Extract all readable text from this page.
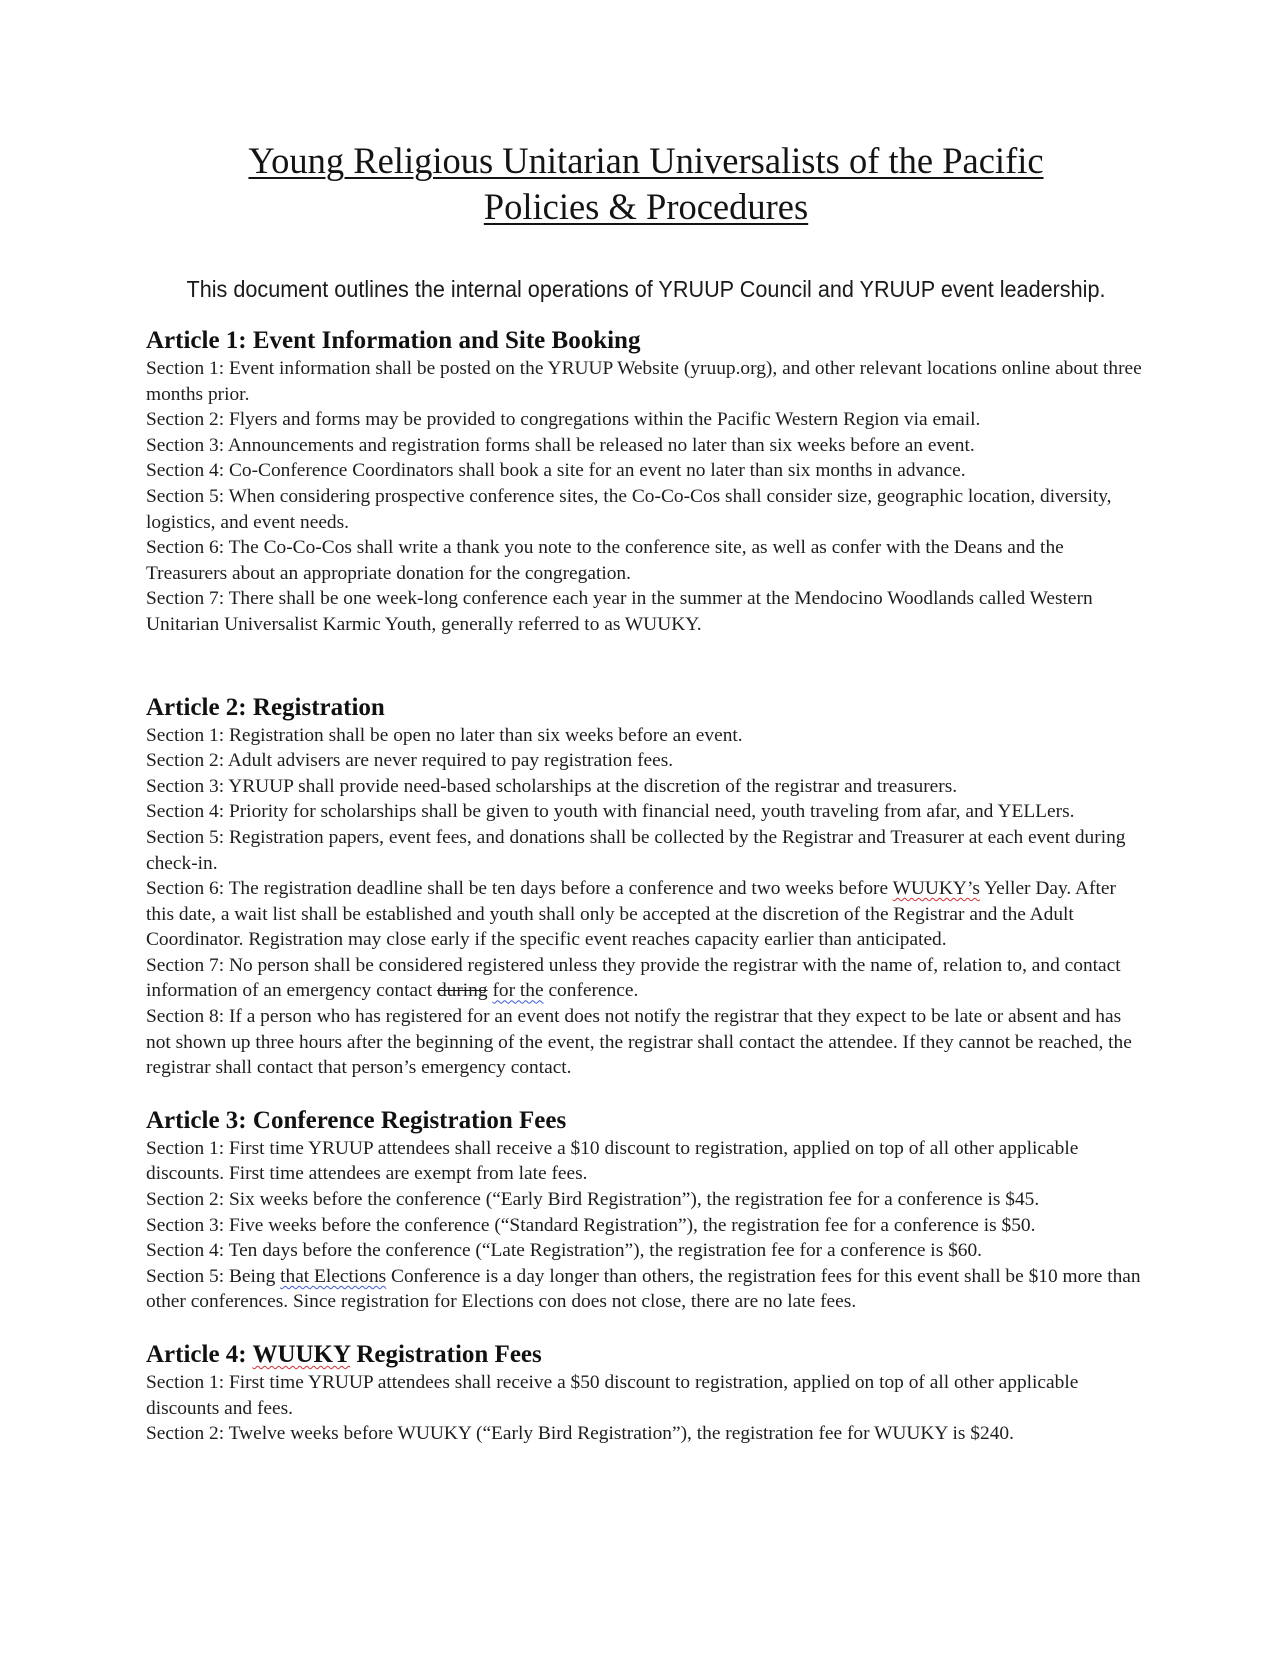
Young Religious Unitarian Universalists of the Pacific
Policies & Procedures
This document outlines the internal operations of YRUUP Council and YRUUP event leadership.
Article 1: Event Information and Site Booking

Section 1: Event information shall be posted on the YRUUP Website (yruup.org), and other relevant locations online about three months prior.

Section 2: Flyers and forms may be provided to congregations within the Pacific Western Region via email.

Section 3: Announcements and registration forms shall be released no later than six weeks before an event.

Section 4: Co-Conference Coordinators shall book a site for an event no later than six months in advance.

Section 5: When considering prospective conference sites, the Co-Co-Cos shall consider size, geographic location, diversity, logistics, and event needs.

Section 6: The Co-Co-Cos shall write a thank you note to the conference site, as well as confer with the Deans and the Treasurers about an appropriate donation for the congregation.

Section 7: There shall be one week-long conference each year in the summer at the Mendocino Woodlands called Western Unitarian Universalist Karmic Youth, generally referred to as WUUKY.

Article 2: Registration

Section 1: Registration shall be open no later than six weeks before an event.

Section 2: Adult advisers are never required to pay registration fees.

Section 3: YRUUP shall provide need-based scholarships at the discretion of the registrar and treasurers.

Section 4: Priority for scholarships shall be given to youth with financial need, youth traveling from afar, and YELLers.

Section 5: Registration papers, event fees, and donations shall be collected by the Registrar and Treasurer at each event during check-in.

Section 6: The registration deadline shall be ten days before a conference and two weeks before WUUKY’s Yeller Day. After this date, a wait list shall be established and youth shall only be accepted at the discretion of the Registrar and the Adult Coordinator. Registration may close early if the specific event reaches capacity earlier than anticipated.

Section 7: No person shall be considered registered unless they provide the registrar with the name of, relation to, and contact information of an emergency contact during for the conference.

Section 8: If a person who has registered for an event does not notify the registrar that they expect to be late or absent and has not shown up three hours after the beginning of the event, the registrar shall contact the attendee. If they cannot be reached, the registrar shall contact that person’s emergency contact.

Article 3: Conference Registration Fees

Section 1: First time YRUUP attendees shall receive a $10 discount to registration, applied on top of all other applicable discounts. First time attendees are exempt from late fees.

Section 2: Six weeks before the conference (“Early Bird Registration”), the registration fee for a conference is $45.

Section 3: Five weeks before the conference (“Standard Registration”), the registration fee for a conference is $50.

Section 4: Ten days before the conference (“Late Registration”), the registration fee for a conference is $60.

Section 5: Being that Elections Conference is a day longer than others, the registration fees for this event shall be $10 more than other conferences. Since registration for Elections con does not close, there are no late fees.

Article 4: WUUKY Registration Fees

Section 1: First time YRUUP attendees shall receive a $50 discount to registration, applied on top of all other applicable discounts and fees.

Section 2: Twelve weeks before WUUKY (“Early Bird Registration”), the registration fee for WUUKY is $240.
